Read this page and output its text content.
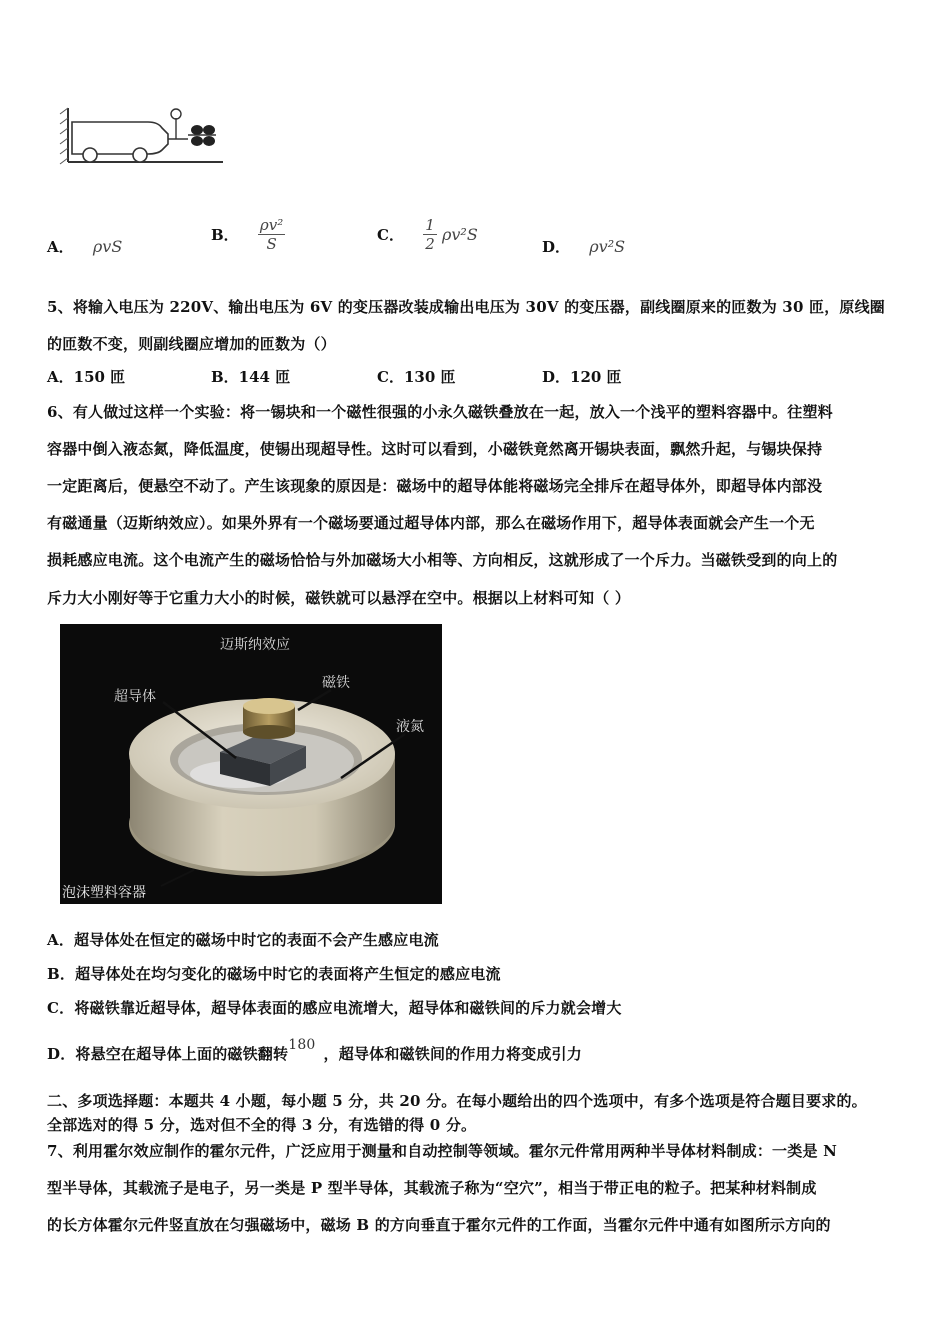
A． ρvS
B． $\frac{\text{ρv²}}{S}$	C． $\frac{1}{2} \rho v^2S$
D． ρv²S
5、将输入电压为 220V、输出电压为 6V 的变压器改装成输出电压为 30V 的变压器，副线圈原来的匝数为 30 匝，原线圈
的匝数不变，则副线圈应增加的匝数为（）
A．150 匝	B．144 匝	C．130 匝	D．120 匝
6、有人做过这样一个实验：将一锡块和一个磁性很强的小永久磁铁叠放在一起，放入一个浅平的塑料容器中。往塑料
容器中倒入液态氮，降低温度，使锡出现超导性。这时可以看到，小磁铁竟然离开锡块表面，飘然升起，与锡块保持
一定距离后，便悬空不动了。产生该现象的原因是：磁场中的超导体能将磁场完全排斥在超导体外，即超导体内部没
有磁通量（迈斯纳效应）。如果外界有一个磁场要通过超导体内部，那么在磁场作用下，超导体表面就会产生一个无
损耗感应电流。这个电流产生的磁场恰恰与外加磁场大小相等、方向相反，这就形成了一个斥力。当磁铁受到的向上的
斥力大小刚好等于它重力大小的时候，磁铁就可以悬浮在空中。根据以上材料可知（ ）
迈斯纳效应
超导体
磁铁
液氮
泡沫塑料容器
A．超导体处在恒定的磁场中时它的表面不会产生感应电流
B．超导体处在均匀变化的磁场中时它的表面将产生恒定的感应电流
C．将磁铁靠近超导体，超导体表面的感应电流增大，超导体和磁铁间的斥力就会增大
D．将悬空在超导体上面的磁铁翻转180 ，超导体和磁铁间的作用力将变成引力
二、多项选择题：本题共 4 小题，每小题 5 分，共 20 分。在每小题给出的四个选项中，有多个选项是符合题目要求的。
全部选对的得 5 分，选对但不全的得 3 分，有选错的得 0 分。
7、利用霍尔效应制作的霍尔元件，广泛应用于测量和自动控制等领域。霍尔元件常用两种半导体材料制成：一类是 N
型半导体，其载流子是电子，另一类是 P 型半导体，其载流子称为“空穴”，相当于带正电的粒子。把某种材料制成
的长方体霍尔元件竖直放在匀强磁场中，磁场 B 的方向垂直于霍尔元件的工作面，当霍尔元件中通有如图所示方向的
